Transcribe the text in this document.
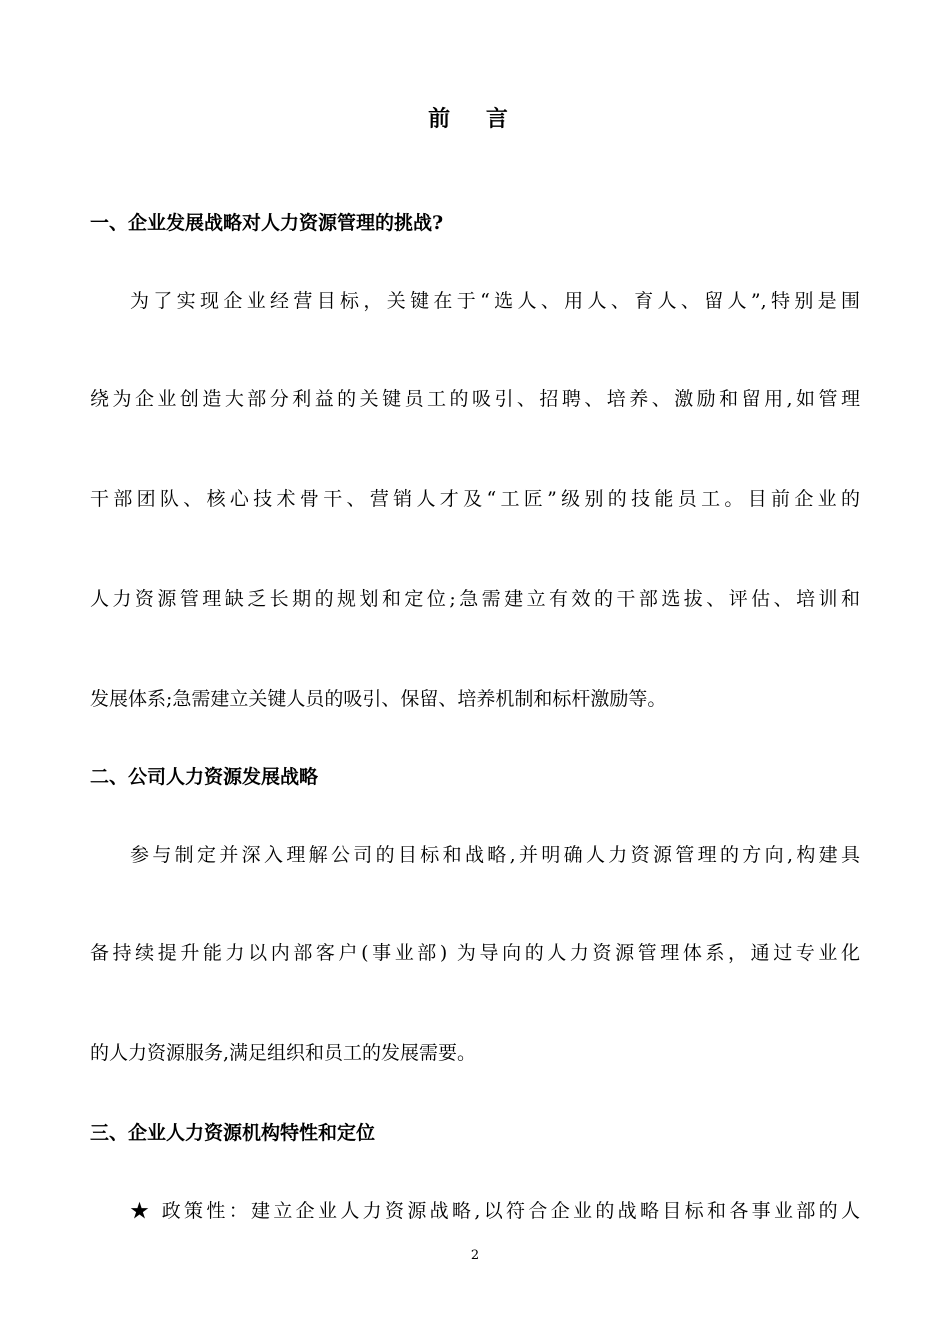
前 言
一、企业发展战略对人力资源管理的挑战?
为了实现企业经营目标，关键在于“选人、用人、育人、留人”,特别是围
绕为企业创造大部分利益的关键员工的吸引、招聘、培养、激励和留用,如管理
干部团队、核心技术骨干、营销人才及“工匠”级别的技能员工。目前企业的
人力资源管理缺乏长期的规划和定位;急需建立有效的干部选拔、评估、培训和
发展体系;急需建立关键人员的吸引、保留、培养机制和标杆激励等。
二、公司人力资源发展战略
参与制定并深入理解公司的目标和战略,并明确人力资源管理的方向,构建具
备持续提升能力以内部客户(事业部) 为导向的人力资源管理体系，通过专业化
的人力资源服务,满足组织和员工的发展需要。
三、企业人力资源机构特性和定位
★ 政策性：建立企业人力资源战略,以符合企业的战略目标和各事业部的人
2
